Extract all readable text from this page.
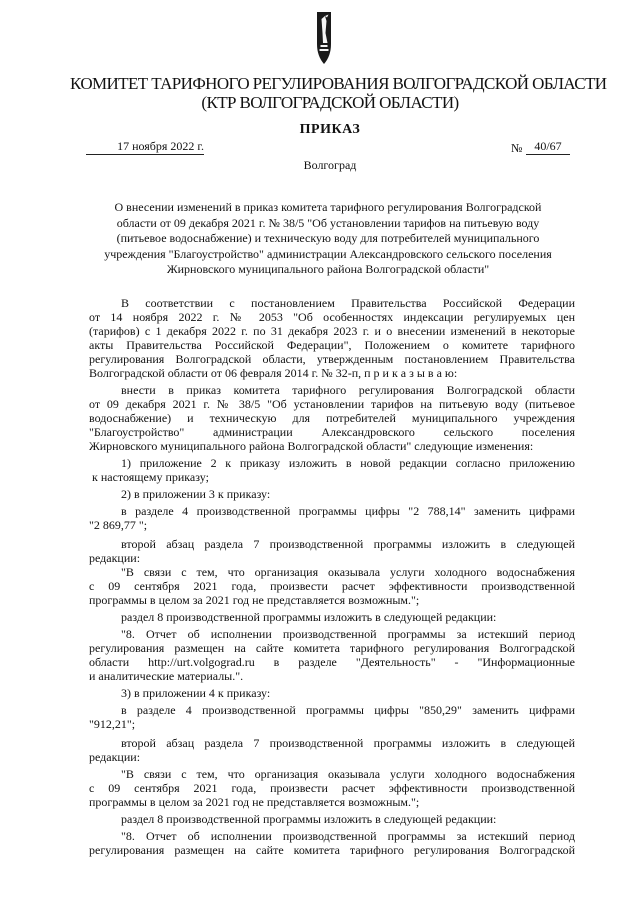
КОМИТЕТ ТАРИФНОГО РЕГУЛИРОВАНИЯ ВОЛГОГРАДСКОЙ ОБЛАСТИ
(КТР ВОЛГОГРАДСКОЙ ОБЛАСТИ)
ПРИКАЗ
17 ноября 2022 г.	№ 40/67
Волгоград
О внесении изменений в приказ комитета тарифного регулирования Волгоградской
области от 09 декабря 2021 г. № 38/5 "Об установлении тарифов на питьевую воду
(питьевое водоснабжение) и техническую воду для потребителей муниципального
учреждения "Благоустройство" администрации Александровского сельского поселения
Жирновского муниципального района Волгоградской области"
В соответствии с постановлением Правительства Российской Федерации
от 14 ноября 2022 г. № 2053 "Об особенностях индексации регулируемых цен
(тарифов) с 1 декабря 2022 г. по 31 декабря 2023 г. и о внесении изменений в некоторые
акты Правительства Российской Федерации", Положением о комитете тарифного
регулирования Волгоградской области, утвержденным постановлением Правительства
Волгоградской области от 06 февраля 2014 г. № 32-п, п р и к а з ы в а ю:
внести в приказ комитета тарифного регулирования Волгоградской области
от 09 декабря 2021 г. № 38/5 "Об установлении тарифов на питьевую воду (питьевое
водоснабжение) и техническую для потребителей муниципального учреждения
"Благоустройство" администрации Александровского сельского поселения
Жирновского муниципального района Волгоградской области" следующие изменения:
1) приложение 2 к приказу изложить в новой редакции согласно приложению
к настоящему приказу;
2) в приложении 3 к приказу:
в разделе 4 производственной программы цифры "2 788,14" заменить цифрами
"2 869,77 ";
второй абзац раздела 7 производственной программы изложить в следующей
редакции:
"В связи с тем, что организация оказывала услуги холодного водоснабжения
с 09 сентября 2021 года, произвести расчет эффективности производственной
программы в целом за 2021 год не представляется возможным.";
раздел 8 производственной программы изложить в следующей редакции:
"8. Отчет об исполнении производственной программы за истекший период
регулирования размещен на сайте комитета тарифного регулирования Волгоградской
области http://urt.volgograd.ru в разделе "Деятельность" - "Информационные
и аналитические материалы.".
3) в приложении 4 к приказу:
в разделе 4 производственной программы цифры "850,29" заменить цифрами
"912,21";
второй абзац раздела 7 производственной программы изложить в следующей
редакции:
"В связи с тем, что организация оказывала услуги холодного водоснабжения
с 09 сентября 2021 года, произвести расчет эффективности производственной
программы в целом за 2021 год не представляется возможным.";
раздел 8 производственной программы изложить в следующей редакции:
"8. Отчет об исполнении производственной программы за истекший период
регулирования размещен на сайте комитета тарифного регулирования Волгоградской
